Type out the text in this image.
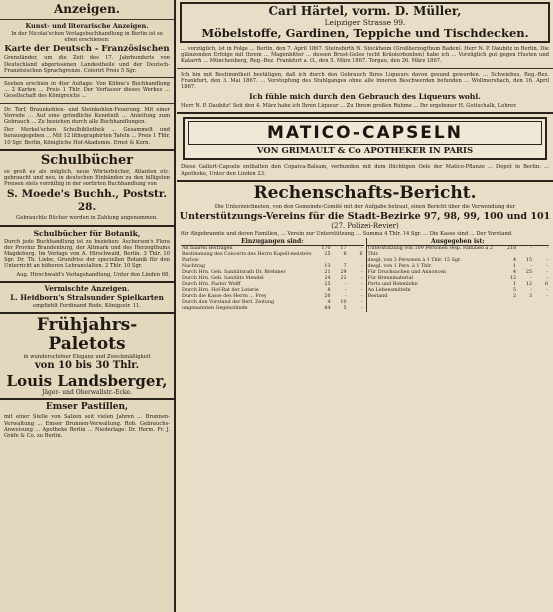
Anzeigen.
Kunst- und literarische Anzeigen.
In der Nicolai'schen Verlagsbuchhandlung in Berlin ist so eben erschienen:
Karte der Deutsch - Französischen
Grenzländer, um die Zeit des 17. Jahrhunderts von Deutschland abgerissenen Landestheile und der Deutsch-Französischen Sprachgrenze. Colorirt Preis 5 Sgr.
Soeben erschien in 4ter Auflage: Von Kühne's Buchhandlung ... 2 Karten ... Preis 1 Thlr. Der Verfasser dieses Werkes ... Gesellschaft des Königreichs ...
Dr. Torf, Braunkohlen- und Steinkohlen-Feuerung. Mit einer Vorrede ... Auf eine gründliche Kenntniß ... Anleitung zum Gebrauch ... Zu beziehen durch alle Buchhandlungen.
Der Merkel'schen Schulbibliothek ... Gesammelt und herausgegeben ... Mit 12 lithographirten Tafeln ... Preis 1 Thlr. 10 Sgr. Berlin, Königliche Hof-Akademie. Ernst & Korn.
Schulbücher
so groß es als möglich, neue Wörterbücher, Atlanten etc. gebraucht und neu, in deutschen Einbänden zu den billigsten Preisen stets vorräthig in der sortirten Buchhandlung von
S. Moede's Buchh., Poststr. 28.
Gebrauchte Bücher werden in Zahlung angenommen.
Schulbücher für Botanik,
Durch jede Buchhandlung ist zu beziehen: Ascherson's Flora der Provinz Brandenburg, der Altmark und des Herzogthums Magdeburg. Im Verlage von A. Hirschwald, Berlin. 3 Thlr. 10 Sgr. Dr. Th. Liebe, Grundriss der speciellen Botanik für den Unterricht an höheren Lehranstalten. 2 Thlr. 10 Sgr.
Aug. Hirschwald's Verlagshandlung, Unter den Linden 68.
Vermischte Anzeigen.
L. Heidborn's Stralsunder Spielkarten
empfiehlt Ferdinand Rode, Königsstr. 11.
Frühjahrs-Paletots
in wunderschöner Eleganz und Zweckmäßigkeit
von 10 bis 30 Thlr.
Louis Landsberger,
Jäger- und Oberwallstr.-Ecke.
Emser Pastillen,
mit einer Stelle von Salzen seit vielen Jahren ... Brunnen-Verwaltung ... Emser Brunnen-Verwaltung. Rob. Gebrauchs-Anweisung ... Apotheke Berlin ... Niederlage: Dr. Herm. Fr. J. Gräfe & Co. zu Berlin.
Carl Härtel, vorm. D. Müller,
Leipziger Strasse 99.
Möbelstoffe, Gardinen, Teppiche und Tischdecken.
... vorzüglich, ist in Folge ... Berlin, den 7. April 1867. Steinsbirth N. Stockheim (Großherzogthum Baden). Herr N. P. Daubitz in Berlin. Die glänzenden Erfolge mit Ihrem ... Magenbitter ... dessen Brust-Gelee (echt Kräuterbonbon) habe ich ... Vorzüglich gut gegen Husten und Katarrh ... Münchenberg, Reg.-Bez. Frankfurt a. O., den 5. März 1867. Torgau, den 26. März 1867.
Ich bin mit Bestimmtheit bestätigen, daß ich durch den Gebrauch Ihres Liqueurs davon gesund geworden. ... Schwiebus, Reg.-Bez. Frankfurt, den 3. Mai 1867. ... Verstopfung des Stuhlganges ohne alle inneren Beschwerden befunden ... Wollmersbach, den 16. April 1867.
Ich fühle mich durch den Gebrauch des Liqueurs wohl.
Herr N. P. Daubitz! Seit den 4. März habe ich Ihren Liqueur ... Zu Ihrem großen Ruhme ... Ihr ergebener H. Gottschalk, Lehrer.
MATICO-CAPSELN
VON GRIMAULT & Co APOTHEKER IN PARIS
Diese Gallert-Capseln enthalten den Copaiva-Balsam, verbunden mit dem flüchtigen Oele der Matico-Pflanze ... Depot in Berlin: ... Apotheke, Unter den Linden 23.
Rechenschafts-Bericht.
Die Unterzeichneten, von den Gemeinde-Comité mit der Aufgabe betraut, einen Bericht über die Verwendung der
Unterstützungs-Vereins für die Stadt-Bezirke 97, 98, 99, 100 und 101
(27. Polizei-Revier)
für Abgebrannte und deren Familien, ... Verein zur Unterstützung ... Summa 4 Thlr. 14 Sgr. ... Die Kasse sind ... Der Vorstand.
Einzugangen sind:
An baaren Beiträgen	170	17	-
Bestimmung des Concerts des Herrn Kapell-meisters Parlow	25	8	6
Nachtrag	13	7	-
Durch Hrn. Geh. Sanitätsrath Dr. Brehmer	21	29	-
Durch Hrn. Geh. Sanitäts Mendel	24	22	-
Durch Hrn. Pastor Wolff	25	-	-
Durch Hrn. Hof-Rat der Loterie	8	-	-
Durch die Kasse des Herrn ... Frey	26	-	-
Durch den Vorstand der Berl. Zeitung	4	10	-
ungenannten Gegenstände	84	5	-
Ausgegeben ist:
Unterstützung von 109 Personen resp. Familien à 2 Thlr.	218	-	-
desgl. von 3 Personen à 1 Thlr. 15 Sgr.	4	15	-
desgl. von 1 Pers. à 1 Thlr.	1	-	-
Für Drucksachen und Annoncen	4	25	-
Für Brennmaterial	12	-	-
Porto und Botenlohn	1	12	6
An Lebensmitteln	5	-	-
Bestand	2	3	-
